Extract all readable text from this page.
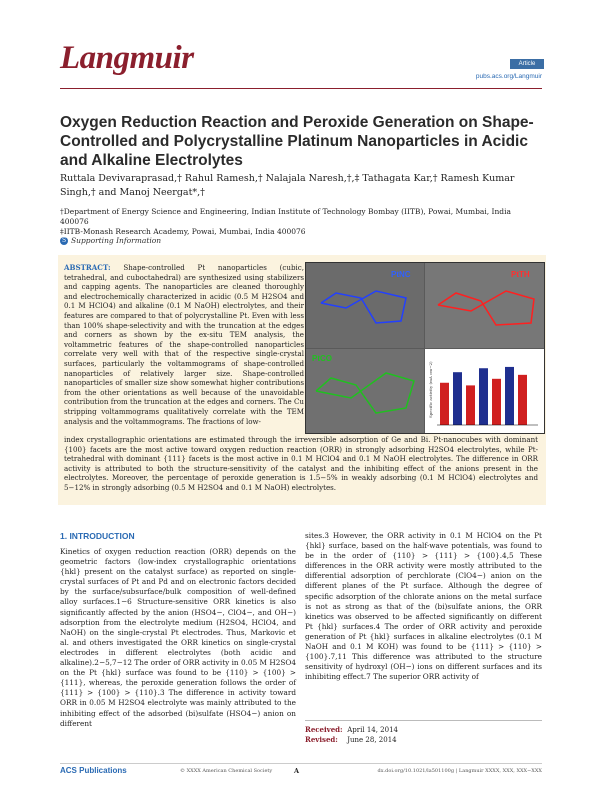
Langmuir	Article
pubs.acs.org/Langmuir
Oxygen Reduction Reaction and Peroxide Generation on Shape-Controlled and Polycrystalline Platinum Nanoparticles in Acidic and Alkaline Electrolytes
Ruttala Devivaraprasad,† Rahul Ramesh,† Nalajala Naresh,†,‡ Tathagata Kar,† Ramesh Kumar Singh,† and Manoj Neergat*,†
†Department of Energy Science and Engineering, Indian Institute of Technology Bombay (IITB), Powai, Mumbai, India 400076
‡IITB-Monash Research Academy, Powai, Mumbai, India 400076
S Supporting Information
ABSTRACT: Shape-controlled Pt nanoparticles (cubic, tetrahedral, and cuboctahedral) are synthesized using stabilizers and capping agents. The nanoparticles are cleaned thoroughly and electrochemically characterized in acidic (0.5 M H2SO4 and 0.1 M HClO4) and alkaline (0.1 M NaOH) electrolytes, and their features are compared to that of polycrystalline Pt. Even with less than 100% shape-selectivity and with the truncation at the edges and corners as shown by the ex-situ TEM analysis, the voltammetric features of the shape-controlled nanoparticles correlate very well with that of the respective single-crystal surfaces, particularly the voltammograms of shape-controlled nanoparticles of relatively larger size. Shape-controlled nanoparticles of smaller size show somewhat higher contributions from the other orientations as well because of the unavoidable contribution from the truncation at the edges and corners. The Cu stripping voltammograms qualitatively correlate with the TEM analysis and the voltammograms. The fractions of low-
PtNC	PtTH
PtCO
Specific activity (mA cm−2)
index crystallographic orientations are estimated through the irreversible adsorption of Ge and Bi. Pt-nanocubes with dominant {100} facets are the most active toward oxygen reduction reaction (ORR) in strongly adsorbing H2SO4 electrolytes, while Pt-tetrahedral with dominant {111} facets is the most active in 0.1 M HClO4 and 0.1 M NaOH electrolytes. The difference in ORR activity is attributed to both the structure-sensitivity of the catalyst and the inhibiting effect of the anions present in the electrolytes. Moreover, the percentage of peroxide generation is 1.5−5% in weakly adsorbing (0.1 M HClO4) electrolytes and 5−12% in strongly adsorbing (0.5 M H2SO4 and 0.1 M NaOH) electrolytes.
1. INTRODUCTION
Kinetics of oxygen reduction reaction (ORR) depends on the geometric factors (low-index crystallographic orientations {hkl} present on the catalyst surface) as reported on single-crystal surfaces of Pt and Pd and on electronic factors decided by the surface/subsurface/bulk composition of well-defined alloy surfaces.1−6 Structure-sensitive ORR kinetics is also significantly affected by the anion (HSO4−, ClO4−, and OH−) adsorption from the electrolyte medium (H2SO4, HClO4, and NaOH) on the single-crystal Pt electrodes. Thus, Markovic et al. and others investigated the ORR kinetics on single-crystal electrodes in different electrolytes (both acidic and alkaline).2−5,7−12 The order of ORR activity in 0.05 M H2SO4 on the Pt {hkl} surface was found to be {110} > {100} > {111}, whereas, the peroxide generation follows the order of {111} > {100} > {110}.3 The difference in activity toward ORR in 0.05 M H2SO4 electrolyte was mainly attributed to the inhibiting effect of the adsorbed (bi)sulfate (HSO4−) anion on different
sites.3 However, the ORR activity in 0.1 M HClO4 on the Pt {hkl} surface, based on the half-wave potentials, was found to be in the order of {110} > {111} > {100}.4,5 These differences in the ORR activity were mostly attributed to the differential adsorption of perchlorate (ClO4−) anion on the different planes of the Pt surface. Although the degree of specific adsorption of the chlorate anions on the metal surface is not as strong as that of the (bi)sulfate anions, the ORR kinetics was observed to be affected significantly on different Pt {hkl} surfaces.4 The order of ORR activity and peroxide generation of Pt {hkl} surfaces in alkaline electrolytes (0.1 M NaOH and 0.1 M KOH) was found to be {111} > {110} > {100}.7,11 This difference was attributed to the structure sensitivity of hydroxyl (OH−) ions on different surfaces and its inhibiting effect.7 The superior ORR activity of
Received: April 14, 2014
Revised: June 28, 2014
ACS Publications	© XXXX American Chemical Society	A	dx.doi.org/10.1021/la501100g | Langmuir XXXX, XXX, XXX−XXX
